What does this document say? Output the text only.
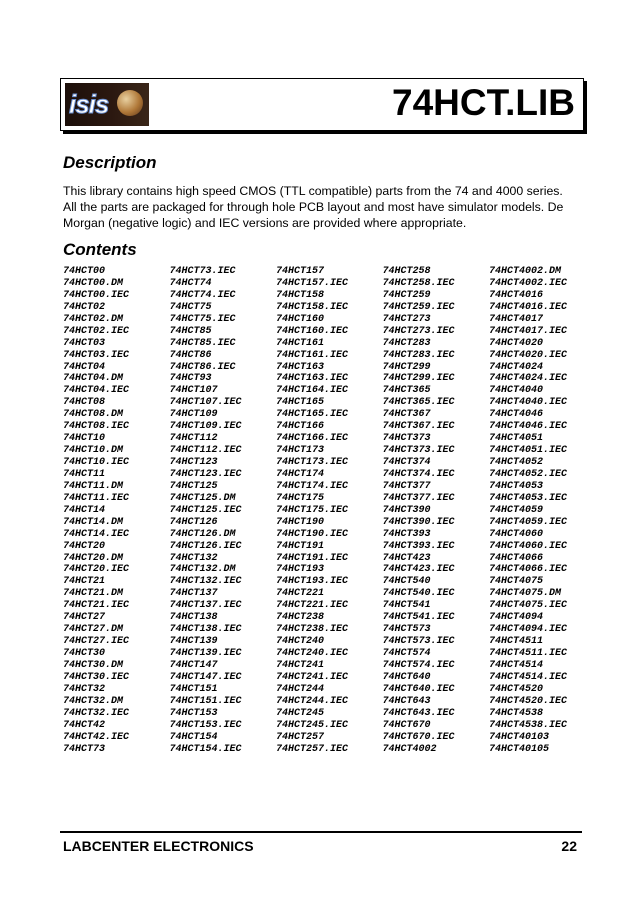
isis	74HCT.LIB
Description
This library contains high speed CMOS (TTL compatible) parts from the 74 and 4000 series. All the parts are packaged for through hole PCB layout and most have simulator models. De Morgan (negative logic) and IEC versions are provided where appropriate.
Contents
74HCT00
74HCT00.DM
74HCT00.IEC
74HCT02
74HCT02.DM
74HCT02.IEC
74HCT03
74HCT03.IEC
74HCT04
74HCT04.DM
74HCT04.IEC
74HCT08
74HCT08.DM
74HCT08.IEC
74HCT10
74HCT10.DM
74HCT10.IEC
74HCT11
74HCT11.DM
74HCT11.IEC
74HCT14
74HCT14.DM
74HCT14.IEC
74HCT20
74HCT20.DM
74HCT20.IEC
74HCT21
74HCT21.DM
74HCT21.IEC
74HCT27
74HCT27.DM
74HCT27.IEC
74HCT30
74HCT30.DM
74HCT30.IEC
74HCT32
74HCT32.DM
74HCT32.IEC
74HCT42
74HCT42.IEC
74HCT73
74HCT73.IEC
74HCT74
74HCT74.IEC
74HCT75
74HCT75.IEC
74HCT85
74HCT85.IEC
74HCT86
74HCT86.IEC
74HCT93
74HCT107
74HCT107.IEC
74HCT109
74HCT109.IEC
74HCT112
74HCT112.IEC
74HCT123
74HCT123.IEC
74HCT125
74HCT125.DM
74HCT125.IEC
74HCT126
74HCT126.DM
74HCT126.IEC
74HCT132
74HCT132.DM
74HCT132.IEC
74HCT137
74HCT137.IEC
74HCT138
74HCT138.IEC
74HCT139
74HCT139.IEC
74HCT147
74HCT147.IEC
74HCT151
74HCT151.IEC
74HCT153
74HCT153.IEC
74HCT154
74HCT154.IEC
74HCT157
74HCT157.IEC
74HCT158
74HCT158.IEC
74HCT160
74HCT160.IEC
74HCT161
74HCT161.IEC
74HCT163
74HCT163.IEC
74HCT164.IEC
74HCT165
74HCT165.IEC
74HCT166
74HCT166.IEC
74HCT173
74HCT173.IEC
74HCT174
74HCT174.IEC
74HCT175
74HCT175.IEC
74HCT190
74HCT190.IEC
74HCT191
74HCT191.IEC
74HCT193
74HCT193.IEC
74HCT221
74HCT221.IEC
74HCT238
74HCT238.IEC
74HCT240
74HCT240.IEC
74HCT241
74HCT241.IEC
74HCT244
74HCT244.IEC
74HCT245
74HCT245.IEC
74HCT257
74HCT257.IEC
74HCT258
74HCT258.IEC
74HCT259
74HCT259.IEC
74HCT273
74HCT273.IEC
74HCT283
74HCT283.IEC
74HCT299
74HCT299.IEC
74HCT365
74HCT365.IEC
74HCT367
74HCT367.IEC
74HCT373
74HCT373.IEC
74HCT374
74HCT374.IEC
74HCT377
74HCT377.IEC
74HCT390
74HCT390.IEC
74HCT393
74HCT393.IEC
74HCT423
74HCT423.IEC
74HCT540
74HCT540.IEC
74HCT541
74HCT541.IEC
74HCT573
74HCT573.IEC
74HCT574
74HCT574.IEC
74HCT640
74HCT640.IEC
74HCT643
74HCT643.IEC
74HCT670
74HCT670.IEC
74HCT4002
74HCT4002.DM
74HCT4002.IEC
74HCT4016
74HCT4016.IEC
74HCT4017
74HCT4017.IEC
74HCT4020
74HCT4020.IEC
74HCT4024
74HCT4024.IEC
74HCT4040
74HCT4040.IEC
74HCT4046
74HCT4046.IEC
74HCT4051
74HCT4051.IEC
74HCT4052
74HCT4052.IEC
74HCT4053
74HCT4053.IEC
74HCT4059
74HCT4059.IEC
74HCT4060
74HCT4060.IEC
74HCT4066
74HCT4066.IEC
74HCT4075
74HCT4075.DM
74HCT4075.IEC
74HCT4094
74HCT4094.IEC
74HCT4511
74HCT4511.IEC
74HCT4514
74HCT4514.IEC
74HCT4520
74HCT4520.IEC
74HCT4538
74HCT4538.IEC
74HCT40103
74HCT40105
LABCENTER ELECTRONICS	22
